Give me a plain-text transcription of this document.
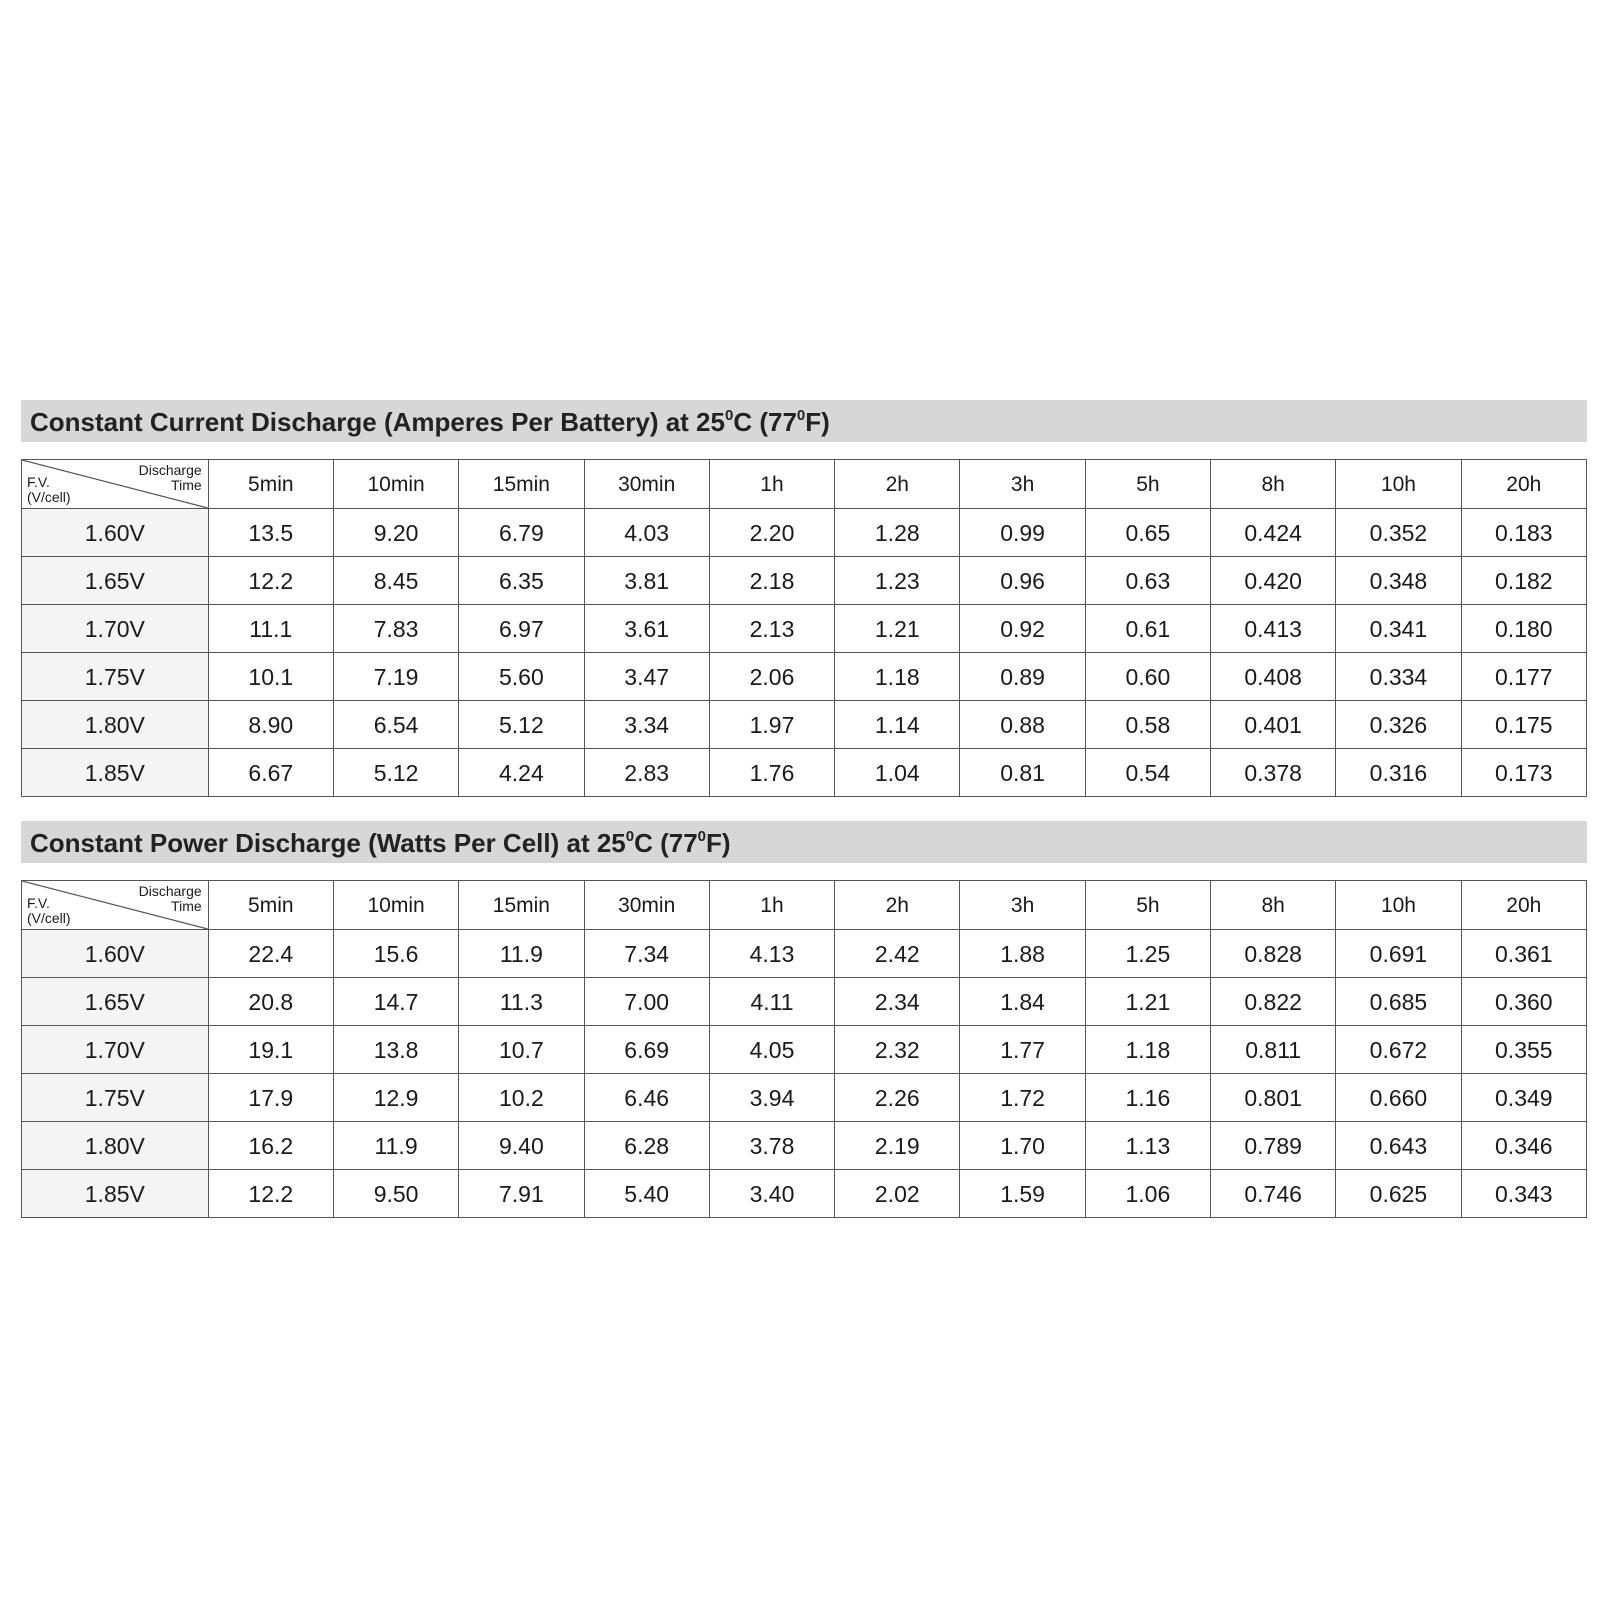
Constant Current Discharge (Amperes Per Battery) at $25^0C$ $(77^0F)$
Discharge
Time
F.V.
(V/cell)	5min	10min	15min	30min	1h	2h	3h	5h	8h	10h	20h
1.60V	13.5	9.20	6.79	4.03	2.20	1.28	0.99	0.65	0.424	0.352	0.183
1.65V	12.2	8.45	6.35	3.81	2.18	1.23	0.96	0.63	0.420	0.348	0.182
1.70V	11.1	7.83	6.97	3.61	2.13	1.21	0.92	0.61	0.413	0.341	0.180
1.75V	10.1	7.19	5.60	3.47	2.06	1.18	0.89	0.60	0.408	0.334	0.177
1.80V	8.90	6.54	5.12	3.34	1.97	1.14	0.88	0.58	0.401	0.326	0.175
1.85V	6.67	5.12	4.24	2.83	1.76	1.04	0.81	0.54	0.378	0.316	0.173
Constant Power Discharge (Watts Per Cell) at $25^0C$ $(77^0F)$
Discharge
Time
F.V.
(V/cell)	5min	10min	15min	30min	1h	2h	3h	5h	8h	10h	20h
1.60V	22.4	15.6	11.9	7.34	4.13	2.42	1.88	1.25	0.828	0.691	0.361
1.65V	20.8	14.7	11.3	7.00	4.11	2.34	1.84	1.21	0.822	0.685	0.360
1.70V	19.1	13.8	10.7	6.69	4.05	2.32	1.77	1.18	0.811	0.672	0.355
1.75V	17.9	12.9	10.2	6.46	3.94	2.26	1.72	1.16	0.801	0.660	0.349
1.80V	16.2	11.9	9.40	6.28	3.78	2.19	1.70	1.13	0.789	0.643	0.346
1.85V	12.2	9.50	7.91	5.40	3.40	2.02	1.59	1.06	0.746	0.625	0.343
